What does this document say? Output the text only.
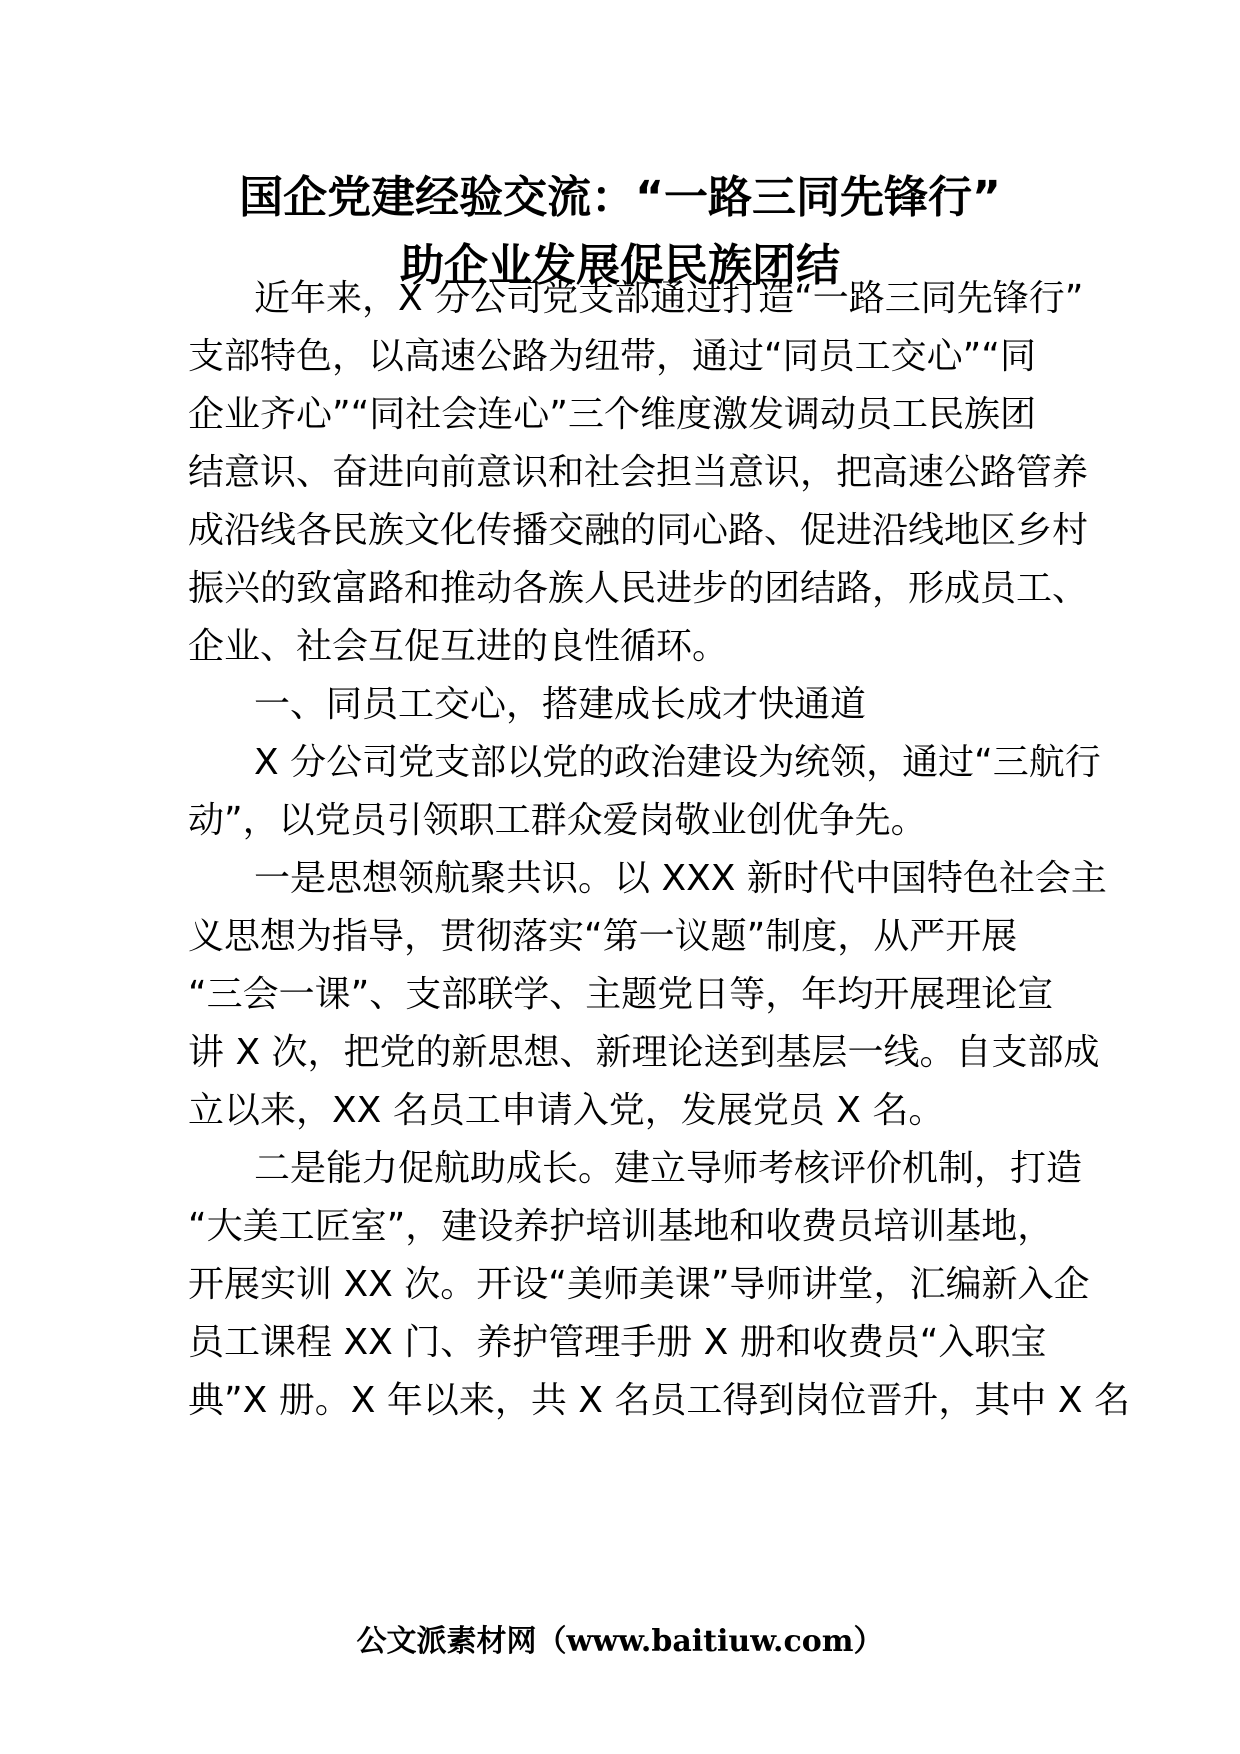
国企党建经验交流：“一路三同先锋行”
助企业发展促民族团结
近年来，X 分公司党支部通过打造“一路三同先锋行”
支部特色，以高速公路为纽带，通过“同员工交心”“同
企业齐心”“同社会连心”三个维度激发调动员工民族团
结意识、奋进向前意识和社会担当意识，把高速公路管养
成沿线各民族文化传播交融的同心路、促进沿线地区乡村
振兴的致富路和推动各族人民进步的团结路，形成员工、
企业、社会互促互进的良性循环。
一、同员工交心，搭建成长成才快通道
X 分公司党支部以党的政治建设为统领，通过“三航行
动”，以党员引领职工群众爱岗敬业创优争先。
一是思想领航聚共识。以 XXX 新时代中国特色社会主
义思想为指导，贯彻落实“第一议题”制度，从严开展
“三会一课”、支部联学、主题党日等，年均开展理论宣
讲 X 次，把党的新思想、新理论送到基层一线。自支部成
立以来，XX 名员工申请入党，发展党员 X 名。
二是能力促航助成长。建立导师考核评价机制，打造
“大美工匠室”，建设养护培训基地和收费员培训基地，
开展实训 XX 次。开设“美师美课”导师讲堂，汇编新入企
员工课程 XX 门、养护管理手册 X 册和收费员“入职宝
典”X 册。X 年以来，共 X 名员工得到岗位晋升，其中 X 名
公文派素材网（www.baitiuw.com）
